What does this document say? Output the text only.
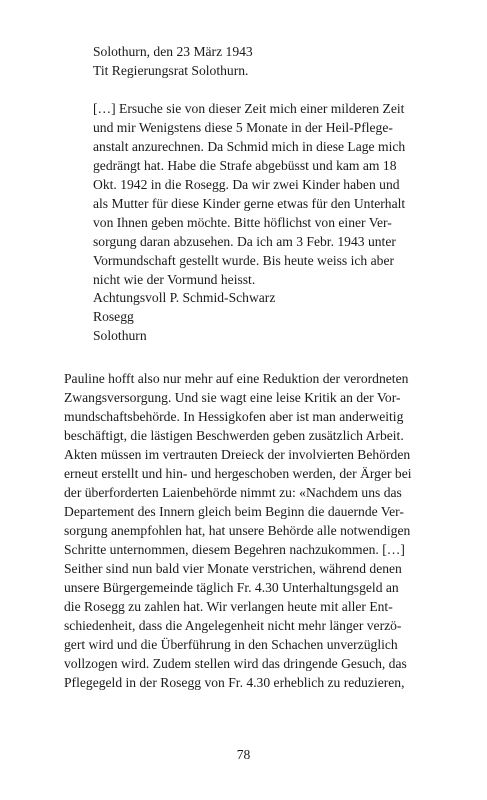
Solothurn, den 23 März 1943
Tit Regierungsrat Solothurn.
[…] Ersuche sie von dieser Zeit mich einer milderen Zeit
und mir Wenigstens diese 5 Monate in der Heil-Pflege-
anstalt anzurechnen. Da Schmid mich in diese Lage mich
gedrängt hat. Habe die Strafe abgebüsst und kam am 18
Okt. 1942 in die Rosegg. Da wir zwei Kinder haben und
als Mutter für diese Kinder gerne etwas für den Unterhalt
von Ihnen geben möchte. Bitte höflichst von einer Ver-
sorgung daran abzusehen. Da ich am 3 Febr. 1943 unter
Vormundschaft gestellt wurde. Bis heute weiss ich aber
nicht wie der Vormund heisst.
Achtungsvoll P. Schmid-Schwarz
Rosegg
Solothurn
Pauline hofft also nur mehr auf eine Reduktion der verordneten
Zwangsversorgung. Und sie wagt eine leise Kritik an der Vor-
mundschaftsbehörde. In Hessigkofen aber ist man anderweitig
beschäftigt, die lästigen Beschwerden geben zusätzlich Arbeit.
Akten müssen im vertrauten Dreieck der involvierten Behörden
erneut erstellt und hin- und hergeschoben werden, der Ärger bei
der überforderten Laienbehörde nimmt zu: «Nachdem uns das
Departement des Innern gleich beim Beginn die dauernde Ver-
sorgung anempfohlen hat, hat unsere Behörde alle notwendigen
Schritte unternommen, diesem Begehren nachzukommen. […]
Seither sind nun bald vier Monate verstrichen, während denen
unsere Bürgergemeinde täglich Fr. 4.30 Unterhaltungsgeld an
die Rosegg zu zahlen hat. Wir verlangen heute mit aller Ent-
schiedenheit, dass die Angelegenheit nicht mehr länger verzö-
gert wird und die Überführung in den Schachen unverzüglich
vollzogen wird. Zudem stellen wird das dringende Gesuch, das
Pflegegeld in der Rosegg von Fr. 4.30 erheblich zu reduzieren,
78
